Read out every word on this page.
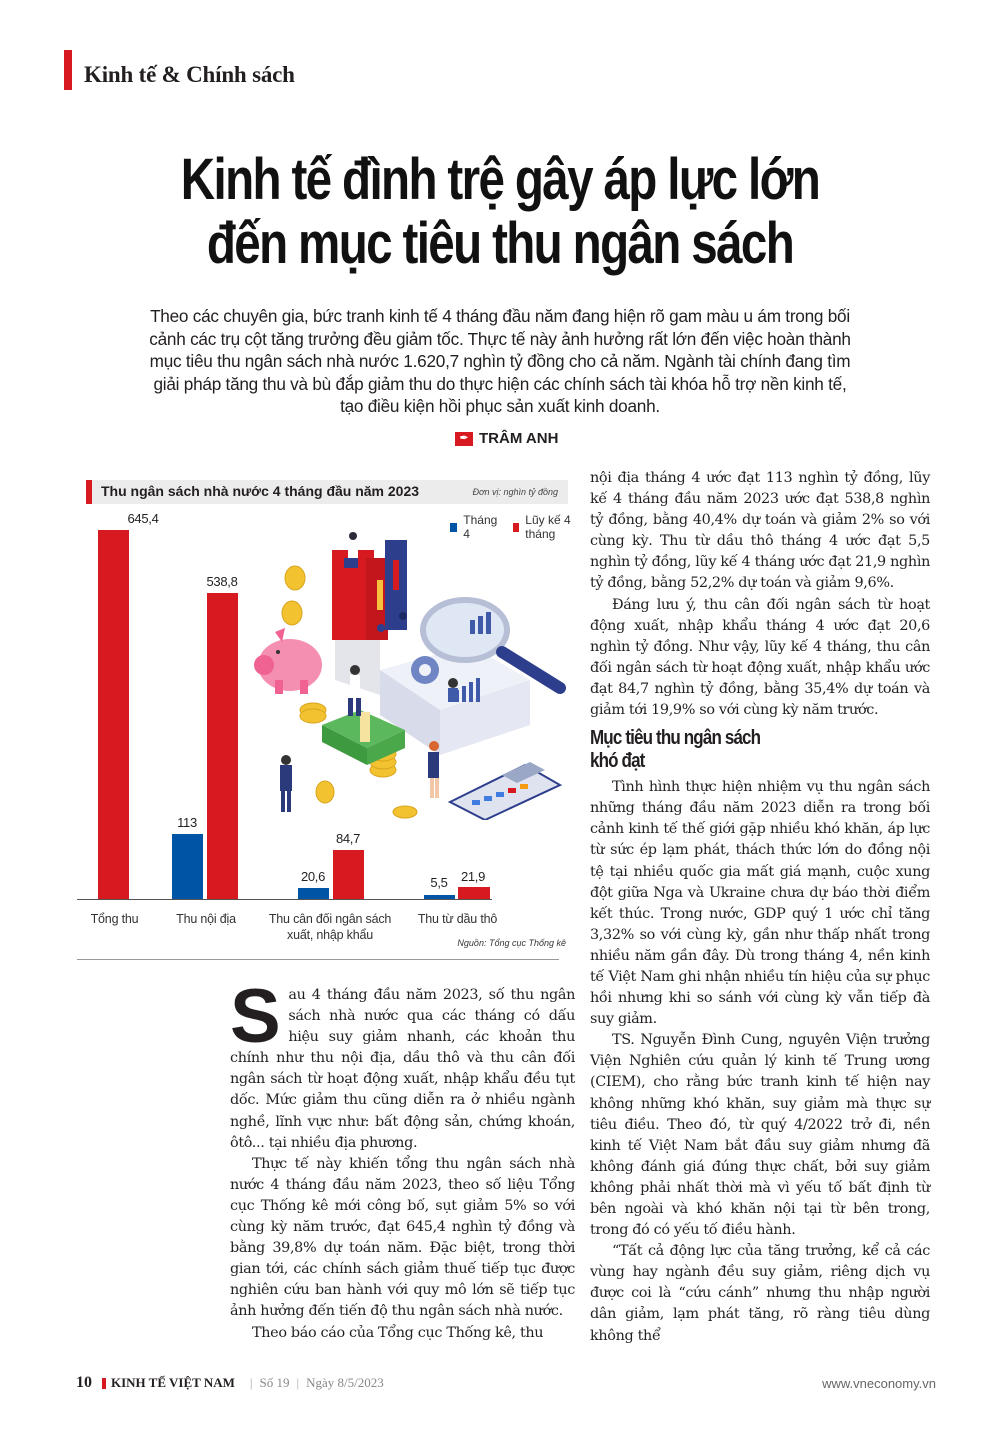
Kinh tế & Chính sách
Kinh tế đình trệ gây áp lực lớn
đến mục tiêu thu ngân sách
Theo các chuyên gia, bức tranh kinh tế 4 tháng đầu năm đang hiện rõ gam màu u ám trong bối cảnh các trụ cột tăng trưởng đều giảm tốc. Thực tế này ảnh hưởng rất lớn đến việc hoàn thành mục tiêu thu ngân sách nhà nước 1.620,7 nghìn tỷ đồng cho cả năm. Ngành tài chính đang tìm giải pháp tăng thu và bù đắp giảm thu do thực hiện các chính sách tài khóa hỗ trợ nền kinh tế, tạo điều kiện hồi phục sản xuất kinh doanh.
✒ TRÂM ANH
Thu ngân sách nhà nước 4 tháng đầu năm 2023	Đơn vị: nghìn tỷ đồng
Tháng 4
Lũy kế 4 tháng
645,4
113
538,8
20,6
84,7
5,5	21,9
Tổng thu	Thu nội địa	Thu cân đối ngân sách
xuất, nhập khẩu
Thu từ dầu thô
Nguồn: Tổng cục Thống kê

Sau 4 tháng đầu năm 2023, số thu ngân sách nhà nước qua các tháng có dấu hiệu suy giảm nhanh, các khoản thu chính như thu nội địa, dầu thô và thu cân đối ngân sách từ hoạt động xuất, nhập khẩu đều tụt dốc. Mức giảm thu cũng diễn ra ở nhiều ngành nghề, lĩnh vực như: bất động sản, chứng khoán, ôtô... tại nhiều địa phương.

Thực tế này khiến tổng thu ngân sách nhà nước 4 tháng đầu năm 2023, theo số liệu Tổng cục Thống kê mới công bố, sụt giảm 5% so với cùng kỳ năm trước, đạt 645,4 nghìn tỷ đồng và bằng 39,8% dự toán năm. Đặc biệt, trong thời gian tới, các chính sách giảm thuế tiếp tục được nghiên cứu ban hành với quy mô lớn sẽ tiếp tục ảnh hưởng đến tiến độ thu ngân sách nhà nước.

Theo báo cáo của Tổng cục Thống kê, thu

nội địa tháng 4 ước đạt 113 nghìn tỷ đồng, lũy kế 4 tháng đầu năm 2023 ước đạt 538,8 nghìn tỷ đồng, bằng 40,4% dự toán và giảm 2% so với cùng kỳ. Thu từ dầu thô tháng 4 ước đạt 5,5 nghìn tỷ đồng, lũy kế 4 tháng ước đạt 21,9 nghìn tỷ đồng, bằng 52,2% dự toán và giảm 9,6%.

Đáng lưu ý, thu cân đối ngân sách từ hoạt động xuất, nhập khẩu tháng 4 ước đạt 20,6 nghìn tỷ đồng. Như vậy, lũy kế 4 tháng, thu cân đối ngân sách từ hoạt động xuất, nhập khẩu ước đạt 84,7 nghìn tỷ đồng, bằng 35,4% dự toán và giảm tới 19,9% so với cùng kỳ năm trước.

Mục tiêu thu ngân sách
khó đạt

Tình hình thực hiện nhiệm vụ thu ngân sách những tháng đầu năm 2023 diễn ra trong bối cảnh kinh tế thế giới gặp nhiều khó khăn, áp lực từ sức ép lạm phát, thách thức lớn do đồng nội tệ tại nhiều quốc gia mất giá mạnh, cuộc xung đột giữa Nga và Ukraine chưa dự báo thời điểm kết thúc. Trong nước, GDP quý 1 ước chỉ tăng 3,32% so với cùng kỳ, gần như thấp nhất trong nhiều năm gần đây. Dù trong tháng 4, nền kinh tế Việt Nam ghi nhận nhiều tín hiệu của sự phục hồi nhưng khi so sánh với cùng kỳ vẫn tiếp đà suy giảm.

TS. Nguyễn Đình Cung, nguyên Viện trưởng Viện Nghiên cứu quản lý kinh tế Trung ương (CIEM), cho rằng bức tranh kinh tế hiện nay không những khó khăn, suy giảm mà thực sự tiêu điều. Theo đó, từ quý 4/2022 trở đi, nền kinh tế Việt Nam bắt đầu suy giảm nhưng đã không đánh giá đúng thực chất, bởi suy giảm không phải nhất thời mà vì yếu tố bất định từ bên ngoài và khó khăn nội tại từ bên trong, trong đó có yếu tố điều hành.

“Tất cả động lực của tăng trưởng, kể cả các vùng hay ngành đều suy giảm, riêng dịch vụ được coi là “cứu cánh” nhưng thu nhập người dân giảm, lạm phát tăng, rõ ràng tiêu dùng không thể

10 KINH TẾ VIỆT NAM | Số 19 | Ngày 8/5/2023	www.vneconomy.vn
